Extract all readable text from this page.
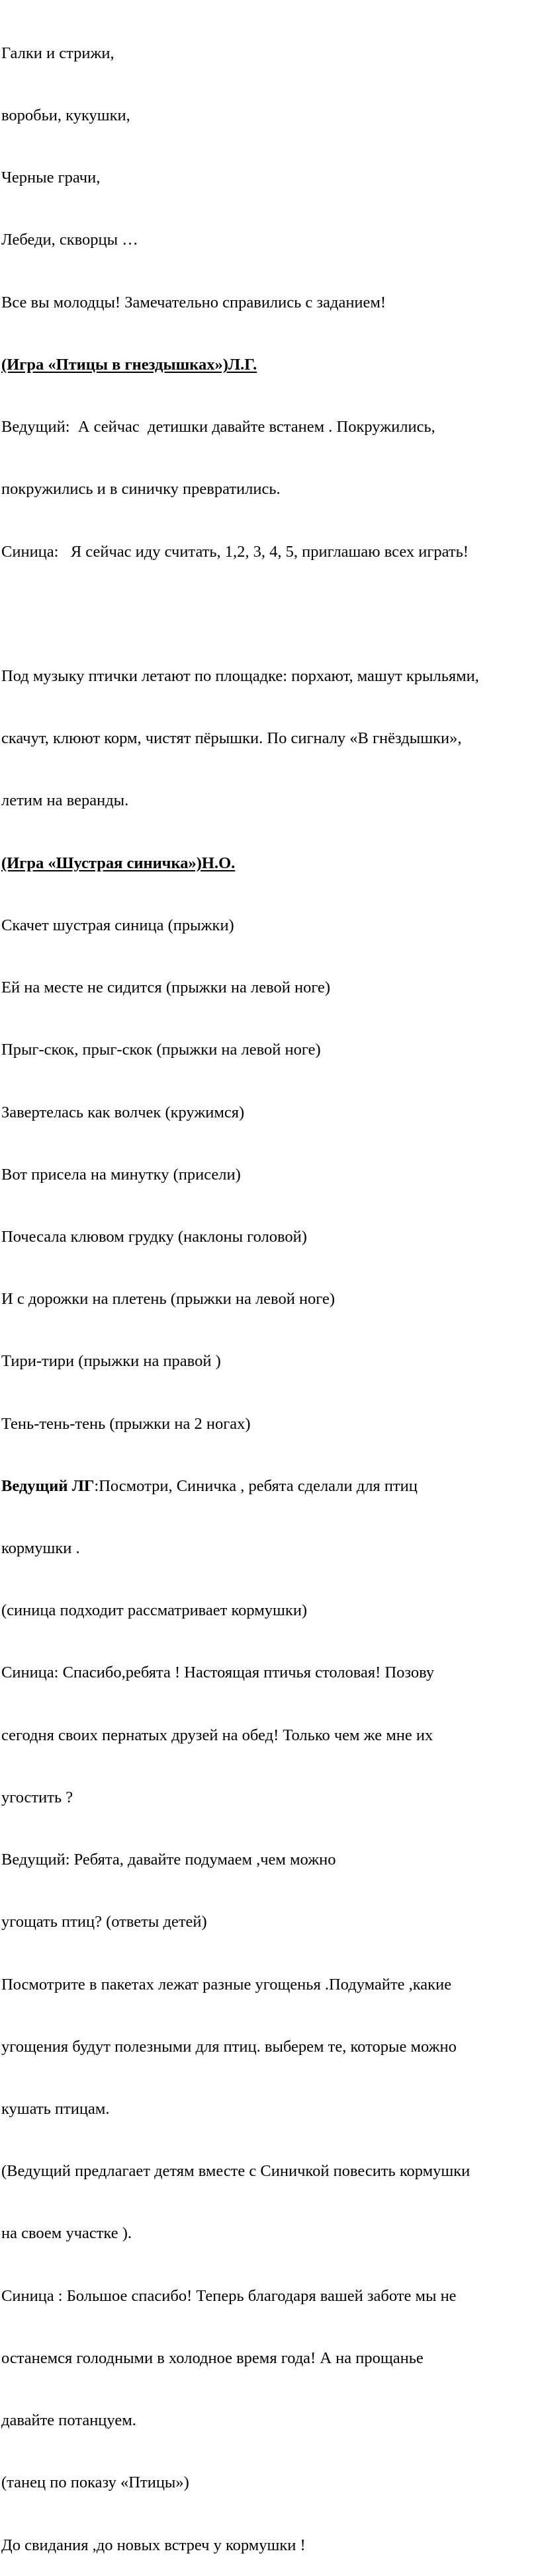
Галки и стрижи,

воробьи, кукушки,

Черные грачи,

Лебеди, скворцы …

Все вы молодцы! Замечательно справились с заданием!

(Игра «Птицы в гнездышках»)Л.Г.

Ведущий:  А сейчас  детишки давайте встанем . Покружились,

покружились и в синичку превратились.

Синица:   Я сейчас иду считать, 1,2, 3, 4, 5, приглашаю всех играть!

Под музыку птички летают по площадке: порхают, машут крыльями,

скачут, клюют корм, чистят пёрышки. По сигналу «В гнёздышки»,

летим на веранды.

(Игра «Шустрая синичка»)Н.О.

Скачет шустрая синица (прыжки)

Ей на месте не сидится (прыжки на левой ноге)

Прыг-скок, прыг-скок (прыжки на левой ноге)

Завертелась как волчек (кружимся)

Вот присела на минутку (присели)

Почесала клювом грудку (наклоны головой)

И с дорожки на плетень (прыжки на левой ноге)

Тири-тири (прыжки на правой )

Тень-тень-тень (прыжки на 2 ногах)

Ведущий ЛГ:Посмотри, Синичка , ребята сделали для птиц

кормушки .

(синица подходит рассматривает кормушки)

Синица: Спасибо,ребята ! Настоящая птичья столовая! Позову

сегодня своих пернатых друзей на обед! Только чем же мне их

угостить ?

Ведущий: Ребята, давайте подумаем ,чем можно

угощать птиц? (ответы детей)

Посмотрите в пакетах лежат разные угощенья .Подумайте ,какие

угощения будут полезными для птиц. выберем те, которые можно

кушать птицам.

(Ведущий предлагает детям вместе с Синичкой повесить кормушки

на своем участке ).

Синица : Большое спасибо! Теперь благодаря вашей заботе мы не

останемся голодными в холодное время года! А на прощанье

давайте потанцуем.

(танец по показу «Птицы»)

До свидания ,до новых встреч у кормушки !
